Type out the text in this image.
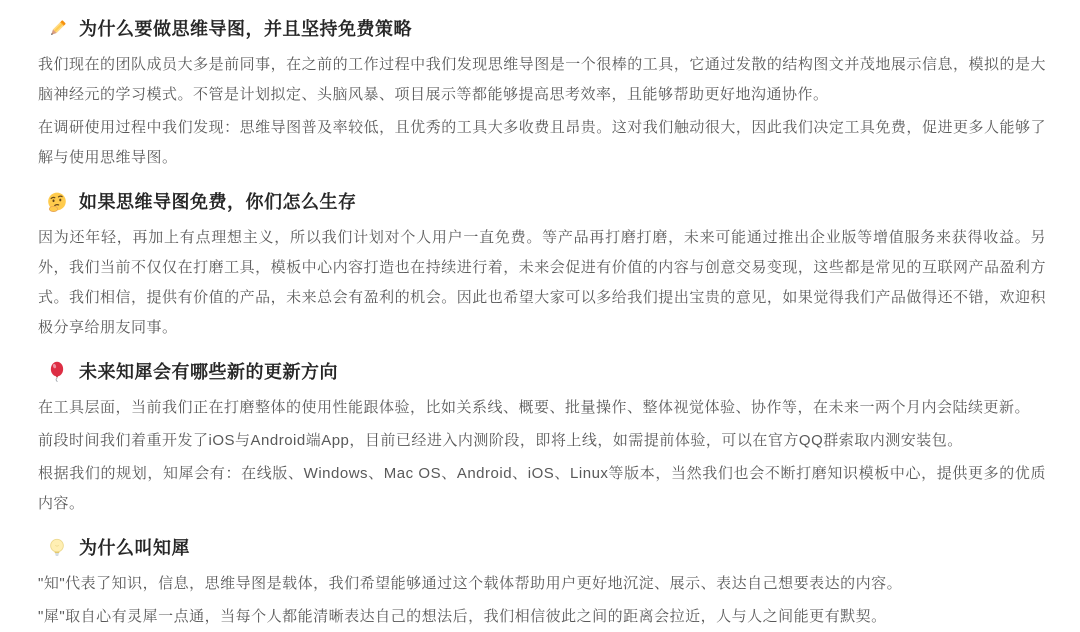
为什么要做思维导图，并且坚持免费策略

我们现在的团队成员大多是前同事，在之前的工作过程中我们发现思维导图是一个很棒的工具，它通过发散的结构图文并茂地展示信息，模拟的是大脑神经元的学习模式。不管是计划拟定、头脑风暴、项目展示等都能够提高思考效率，且能够帮助更好地沟通协作。

在调研使用过程中我们发现：思维导图普及率较低，且优秀的工具大多收费且昂贵。这对我们触动很大，因此我们决定工具免费，促进更多人能够了解与使用思维导图。

如果思维导图免费，你们怎么生存

因为还年轻，再加上有点理想主义，所以我们计划对个人用户一直免费。等产品再打磨打磨，未来可能通过推出企业版等增值服务来获得收益。另外，我们当前不仅仅在打磨工具，模板中心内容打造也在持续进行着，未来会促进有价值的内容与创意交易变现，这些都是常见的互联网产品盈利方式。我们相信，提供有价值的产品，未来总会有盈利的机会。因此也希望大家可以多给我们提出宝贵的意见，如果觉得我们产品做得还不错，欢迎积极分享给朋友同事。

未来知犀会有哪些新的更新方向

在工具层面，当前我们正在打磨整体的使用性能跟体验，比如关系线、概要、批量操作、整体视觉体验、协作等，在未来一两个月内会陆续更新。

前段时间我们着重开发了iOS与Android端App，目前已经进入内测阶段，即将上线，如需提前体验，可以在官方QQ群索取内测安装包。

根据我们的规划，知犀会有：在线版、Windows、Mac OS、Android、iOS、Linux等版本，当然我们也会不断打磨知识模板中心，提供更多的优质内容。

为什么叫知犀

"知"代表了知识，信息，思维导图是载体，我们希望能够通过这个载体帮助用户更好地沉淀、展示、表达自己想要表达的内容。

"犀"取自心有灵犀一点通，当每个人都能清晰表达自己的想法后，我们相信彼此之间的距离会拉近，人与人之间能更有默契。
